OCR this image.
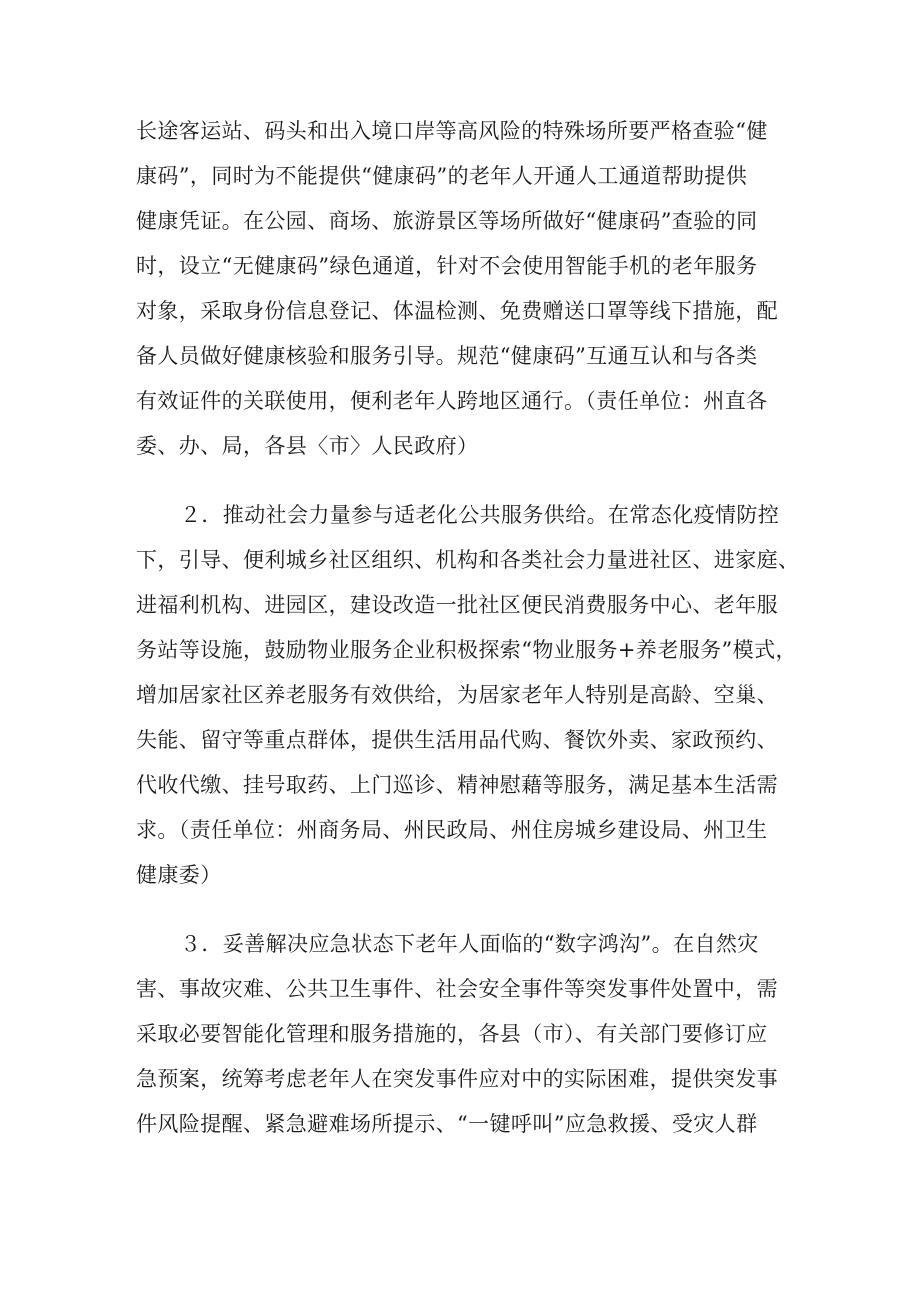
长途客运站、码头和出入境口岸等高风险的特殊场所要严格查验“健
康码”，同时为不能提供“健康码”的老年人开通人工通道帮助提供
健康凭证。在公园、商场、旅游景区等场所做好“健康码”查验的同
时，设立“无健康码”绿色通道，针对不会使用智能手机的老年服务
对象，采取身份信息登记、体温检测、免费赠送口罩等线下措施，配
备人员做好健康核验和服务引导。规范“健康码”互通互认和与各类
有效证件的关联使用，便利老年人跨地区通行。（责任单位：州直各
委、办、局，各县〈市〉人民政府）
２．推动社会力量参与适老化公共服务供给。在常态化疫情防控
下，引导、便利城乡社区组织、机构和各类社会力量进社区、进家庭、
进福利机构、进园区，建设改造一批社区便民消费服务中心、老年服
务站等设施，鼓励物业服务企业积极探索“物业服务+养老服务”模式，
增加居家社区养老服务有效供给，为居家老年人特别是高龄、空巢、
失能、留守等重点群体，提供生活用品代购、餐饮外卖、家政预约、
代收代缴、挂号取药、上门巡诊、精神慰藉等服务，满足基本生活需
求。（责任单位：州商务局、州民政局、州住房城乡建设局、州卫生
健康委）
３．妥善解决应急状态下老年人面临的“数字鸿沟”。在自然灾
害、事故灾难、公共卫生事件、社会安全事件等突发事件处置中，需
采取必要智能化管理和服务措施的，各县（市）、有关部门要修订应
急预案，统筹考虑老年人在突发事件应对中的实际困难，提供突发事
件风险提醒、紧急避难场所提示、“一键呼叫”应急救援、受灾人群
